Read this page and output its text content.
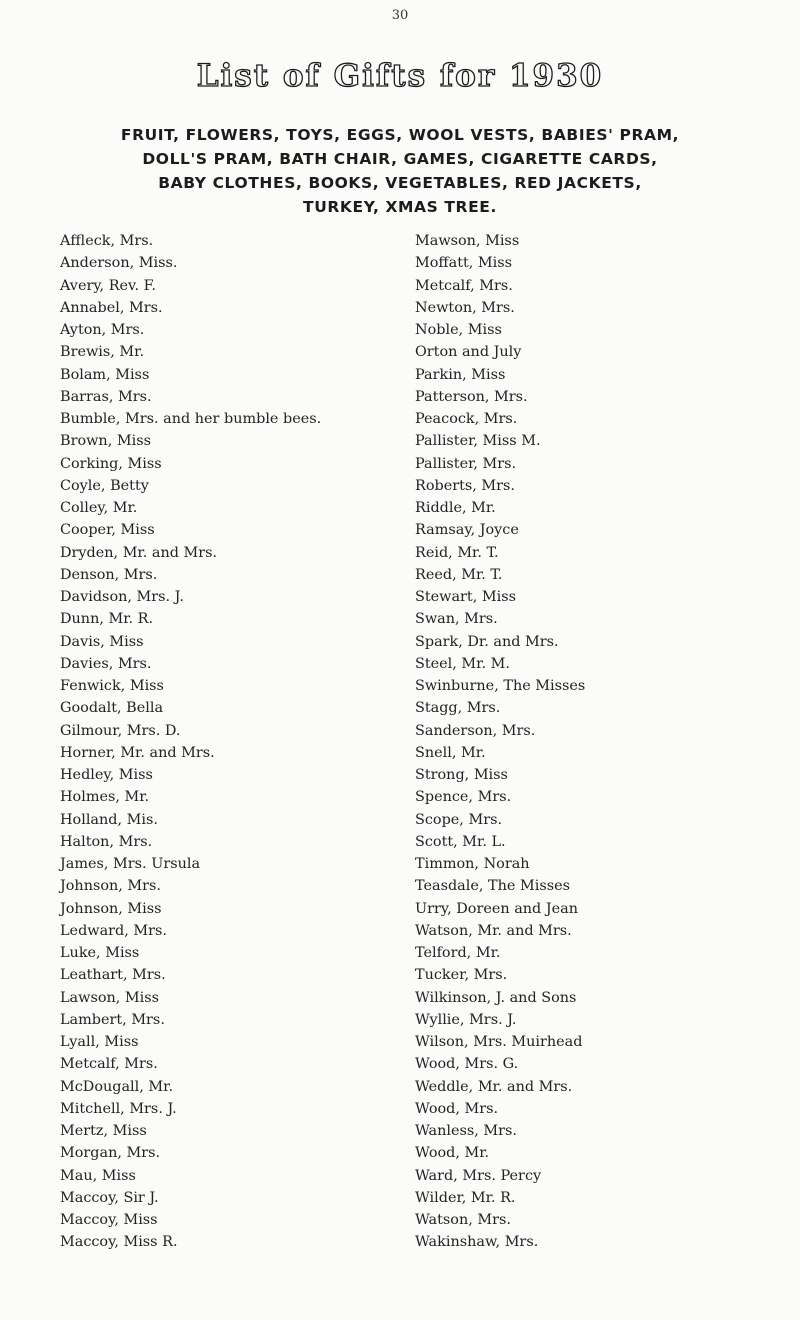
30
List of Gifts for 1930
FRUIT, FLOWERS, TOYS, EGGS, WOOL VESTS, BABIES' PRAM,
DOLL'S PRAM, BATH CHAIR, GAMES, CIGARETTE CARDS,
BABY CLOTHES, BOOKS, VEGETABLES, RED JACKETS,
TURKEY, XMAS TREE.
Affleck, Mrs.
Anderson, Miss.
Avery, Rev. F.
Annabel, Mrs.
Ayton, Mrs.
Brewis, Mr.
Bolam, Miss
Barras, Mrs.
Bumble, Mrs. and her bumble bees.
Brown, Miss
Corking, Miss
Coyle, Betty
Colley, Mr.
Cooper, Miss
Dryden, Mr. and Mrs.
Denson, Mrs.
Davidson, Mrs. J.
Dunn, Mr. R.
Davis, Miss
Davies, Mrs.
Fenwick, Miss
Goodalt, Bella
Gilmour, Mrs. D.
Horner, Mr. and Mrs.
Hedley, Miss
Holmes, Mr.
Holland, Mis.
Halton, Mrs.
James, Mrs. Ursula
Johnson, Mrs.
Johnson, Miss
Ledward, Mrs.
Luke, Miss
Leathart, Mrs.
Lawson, Miss
Lambert, Mrs.
Lyall, Miss
Metcalf, Mrs.
McDougall, Mr.
Mitchell, Mrs. J.
Mertz, Miss
Morgan, Mrs.
Mau, Miss
Maccoy, Sir J.
Maccoy, Miss
Maccoy, Miss R.
Mawson, Miss
Moffatt, Miss
Metcalf, Mrs.
Newton, Mrs.
Noble, Miss
Orton and July
Parkin, Miss
Patterson, Mrs.
Peacock, Mrs.
Pallister, Miss M.
Pallister, Mrs.
Roberts, Mrs.
Riddle, Mr.
Ramsay, Joyce
Reid, Mr. T.
Reed, Mr. T.
Stewart, Miss
Swan, Mrs.
Spark, Dr. and Mrs.
Steel, Mr. M.
Swinburne, The Misses
Stagg, Mrs.
Sanderson, Mrs.
Snell, Mr.
Strong, Miss
Spence, Mrs.
Scope, Mrs.
Scott, Mr. L.
Timmon, Norah
Teasdale, The Misses
Urry, Doreen and Jean
Watson, Mr. and Mrs.
Telford, Mr.
Tucker, Mrs.
Wilkinson, J. and Sons
Wyllie, Mrs. J.
Wilson, Mrs. Muirhead
Wood, Mrs. G.
Weddle, Mr. and Mrs.
Wood, Mrs.
Wanless, Mrs.
Wood, Mr.
Ward, Mrs. Percy
Wilder, Mr. R.
Watson, Mrs.
Wakinshaw, Mrs.
